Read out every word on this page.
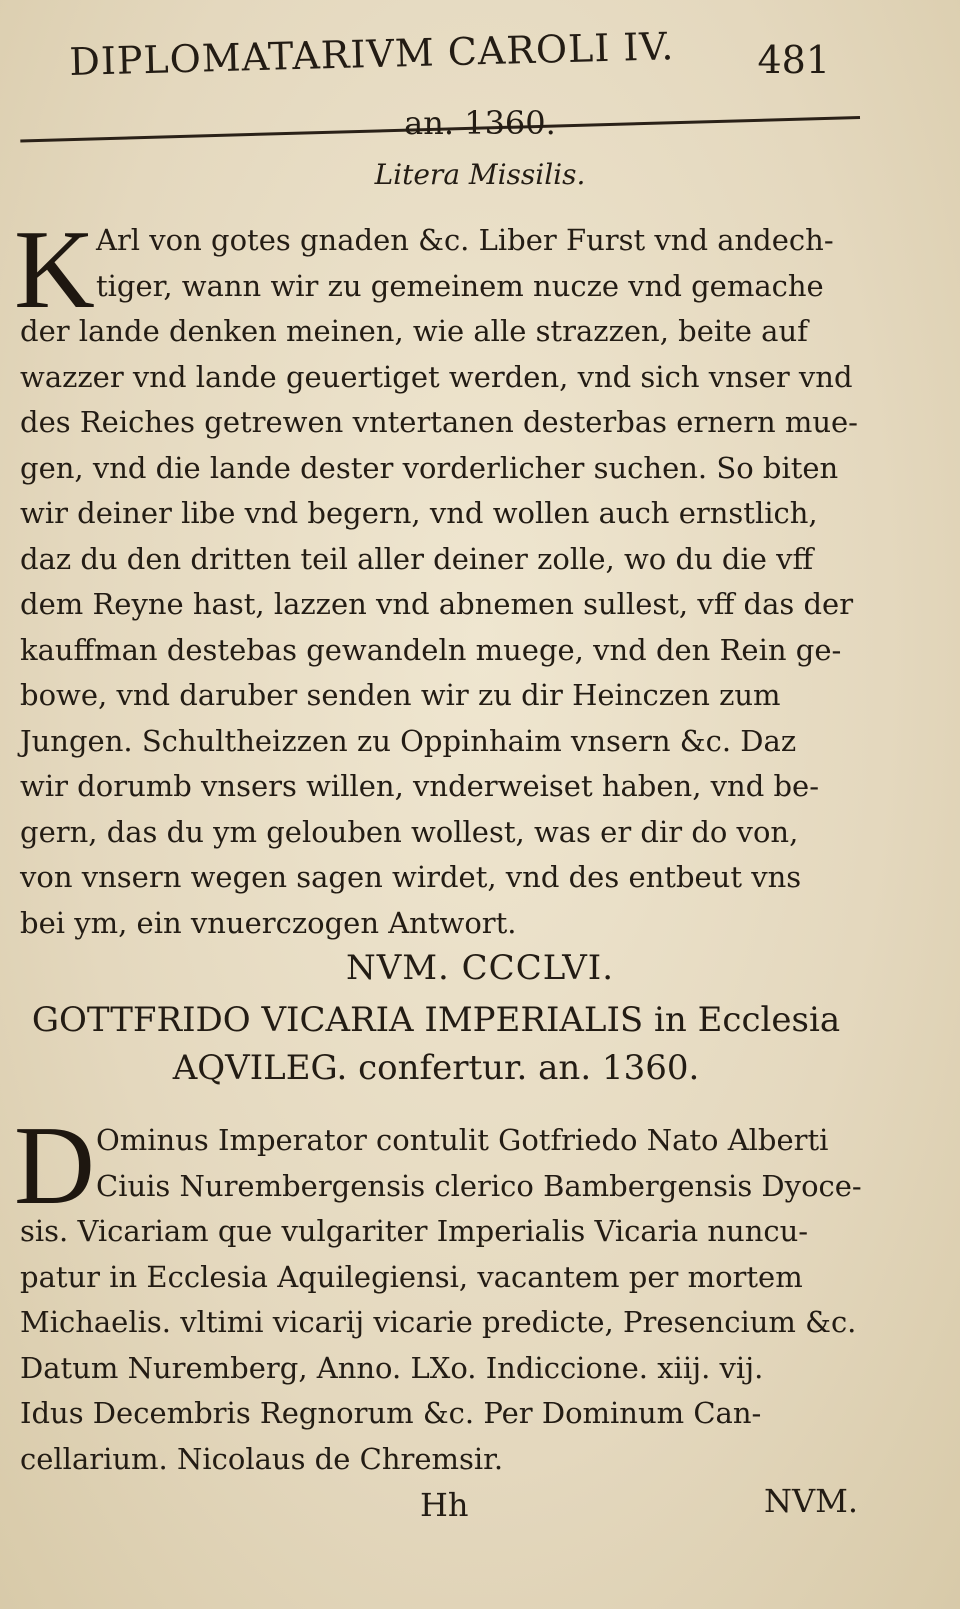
DIPLOMATARIVM CAROLI IV. 481
an. 1360.
Litera Missilis.
K Arl von gotes gnaden &c. Liber Furst vnd andech-
tiger, wann wir zu gemeinem nucze vnd gemache
der lande denken meinen, wie alle strazzen, beite auf
wazzer vnd lande geuertiget werden, vnd sich vnser vnd
des Reiches getrewen vntertanen desterbas ernern mue-
gen, vnd die lande dester vorderlicher suchen. So biten
wir deiner libe vnd begern, vnd wollen auch ernstlich,
daz du den dritten teil aller deiner zolle, wo du die vff
dem Reyne hast, lazzen vnd abnemen sullest, vff das der
kauffman destebas gewandeln muege, vnd den Rein ge-
bowe, vnd daruber senden wir zu dir Heinczen zum
Jungen. Schultheizzen zu Oppinhaim vnsern &c. Daz
wir dorumb vnsers willen, vnderweiset haben, vnd be-
gern, das du ym gelouben wollest, was er dir do von,
von vnsern wegen sagen wirdet, vnd des entbeut vns
bei ym, ein vnuerczogen Antwort.
NVM. CCCLVI.
GOTTFRIDO VICARIA IMPERIALIS in Ecclesia
AQVILEG. confertur. an. 1360.
D Ominus Imperator contulit Gotfriedo Nato Alberti
Ciuis Nurembergensis clerico Bambergensis Dyoce-
sis. Vicariam que vulgariter Imperialis Vicaria nuncu-
patur in Ecclesia Aquilegiensi, vacantem per mortem
Michaelis. vltimi vicarij vicarie predicte, Presencium &c.
Datum Nuremberg, Anno. LXo. Indiccione. xiij. vij.
Idus Decembris Regnorum &c. Per Dominum Can-
cellarium. Nicolaus de Chremsir.
Hh	NVM.
